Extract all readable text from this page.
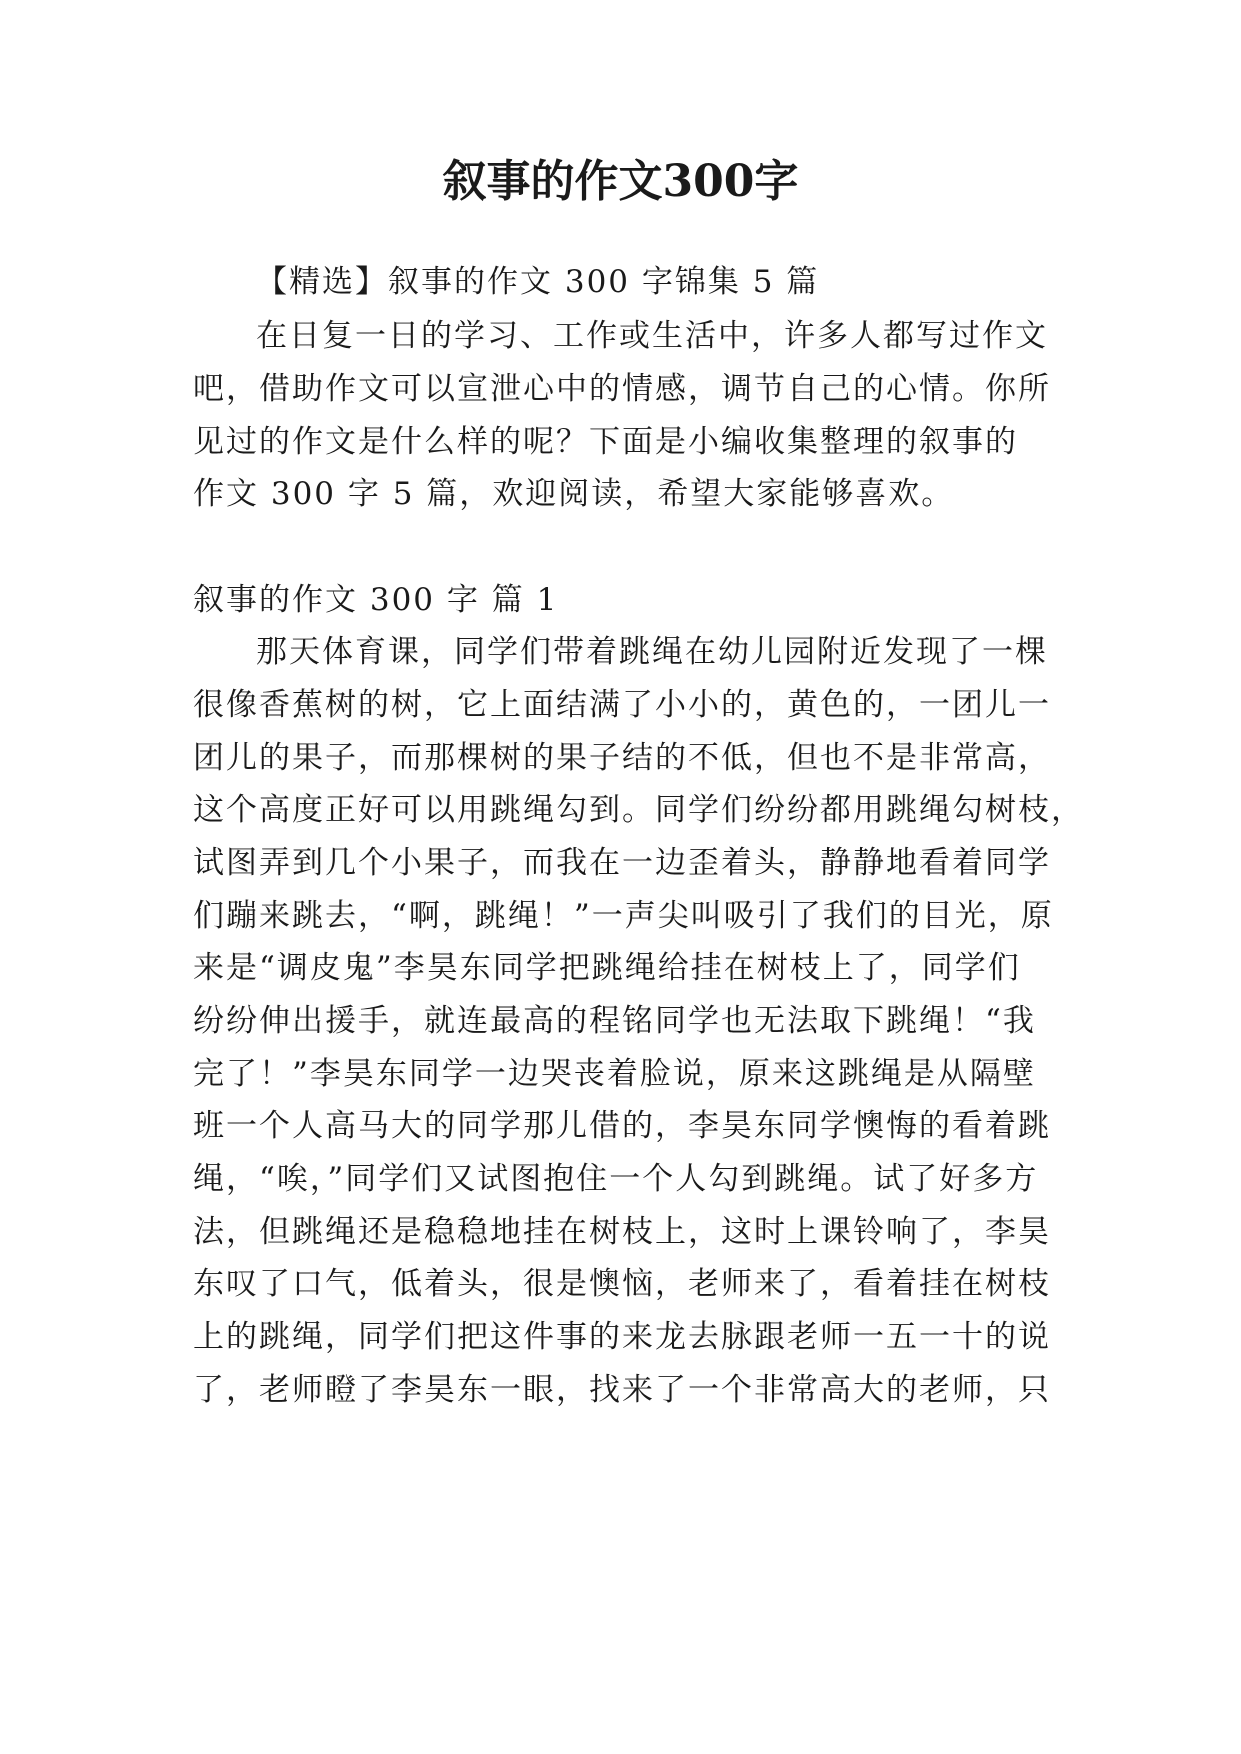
叙事的作文300字
【精选】叙事的作文 300 字锦集 5 篇
在日复一日的学习、工作或生活中，许多人都写过作文
吧，借助作文可以宣泄心中的情感，调节自己的心情。你所
见过的作文是什么样的呢？下面是小编收集整理的叙事的
作文 300 字 5 篇，欢迎阅读，希望大家能够喜欢。
叙事的作文 300 字 篇 1
那天体育课，同学们带着跳绳在幼儿园附近发现了一棵
很像香蕉树的树，它上面结满了小小的，黄色的，一团儿一
团儿的果子，而那棵树的果子结的不低，但也不是非常高，
这个高度正好可以用跳绳勾到。同学们纷纷都用跳绳勾树枝，
试图弄到几个小果子，而我在一边歪着头，静静地看着同学
们蹦来跳去，“啊，跳绳！”一声尖叫吸引了我们的目光，原
来是“调皮鬼”李昊东同学把跳绳给挂在树枝上了，同学们
纷纷伸出援手，就连最高的程铭同学也无法取下跳绳！“我
完了！”李昊东同学一边哭丧着脸说，原来这跳绳是从隔壁
班一个人高马大的同学那儿借的，李昊东同学懊悔的看着跳
绳，“唉，”同学们又试图抱住一个人勾到跳绳。试了好多方
法，但跳绳还是稳稳地挂在树枝上，这时上课铃响了，李昊
东叹了口气，低着头，很是懊恼，老师来了，看着挂在树枝
上的跳绳，同学们把这件事的来龙去脉跟老师一五一十的说
了，老师瞪了李昊东一眼，找来了一个非常高大的老师，只
